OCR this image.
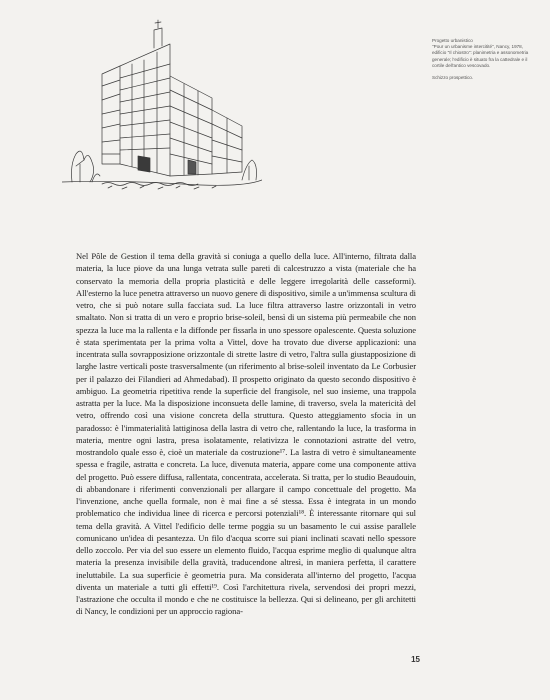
Progetto urbanistico

"Pour un urbanisme intercitité", Nancy, 1978, edificio "Il chiostro": planimetria e assonometria generale; l'edificio è situato fra la cattedrale e il cortile dell'antico vescovado.

Schizzo prospettico.

Nel Pôle de Gestion il tema della gravità si coniuga a quello della luce. All'interno, filtrata dalla materia, la luce piove da una lunga vetrata sulle pareti di calcestruzzo a vista (materiale che ha conservato la memoria della propria plasticità e delle leggere irregolarità delle casseformi). All'esterno la luce penetra attraverso un nuovo genere di dispositivo, simile a un'immensa scultura di vetro, che si può notare sulla facciata sud. La luce filtra attraverso lastre orizzontali in vetro smaltato. Non si tratta di un vero e proprio brise-soleil, bensì di un sistema più permeabile che non spezza la luce ma la rallenta e la diffonde per fissarla in uno spessore opalescente. Questa soluzione è stata sperimentata per la prima volta a Vittel, dove ha trovato due diverse applicazioni: una incentrata sulla sovrapposizione orizzontale di strette lastre di vetro, l'altra sulla giustapposizione di larghe lastre verticali poste trasversalmente (un riferimento al brise-soleil inventato da Le Corbusier per il palazzo dei Filandieri ad Ahmedabad). Il prospetto originato da questo secondo dispositivo è ambiguo. La geometria ripetitiva rende la superficie del frangisole, nel suo insieme, una trappola astratta per la luce. Ma la disposizione inconsueta delle lamine, di traverso, svela la matericità del vetro, offrendo così una visione concreta della struttura. Questo atteggiamento sfocia in un paradosso: è l'immaterialità lattiginosa della lastra di vetro che, rallentando la luce, la trasforma in materia, mentre ogni lastra, presa isolatamente, relativizza le connotazioni astratte del vetro, mostrandolo quale esso è, cioè un materiale da costruzione¹⁷. La lastra di vetro è simultaneamente spessa e fragile, astratta e concreta. La luce, divenuta materia, appare come una componente attiva del progetto. Può essere diffusa, rallentata, concentrata, accelerata. Si tratta, per lo studio Beaudouin, di abbandonare i riferimenti convenzionali per allargare il campo concettuale del progetto. Ma l'invenzione, anche quella formale, non è mai fine a sé stessa. Essa è integrata in un mondo problematico che individua linee di ricerca e percorsi potenziali¹⁸. È interessante ritornare qui sul tema della gravità. A Vittel l'edificio delle terme poggia su un basamento le cui assise parallele comunicano un'idea di pesantezza. Un filo d'acqua scorre sui piani inclinati scavati nello spessore dello zoccolo. Per via del suo essere un elemento fluido, l'acqua esprime meglio di qualunque altra materia la presenza invisibile della gravità, traducendone altresì, in maniera perfetta, il carattere ineluttabile. La sua superficie è geometria pura. Ma considerata all'interno del progetto, l'acqua diventa un materiale a tutti gli effetti¹⁹. Così l'architettura rivela, servendosi dei propri mezzi, l'astrazione che occulta il mondo e che ne costituisce la bellezza. Qui si delineano, per gli architetti di Nancy, le condizioni per un approccio ragiona-

15
